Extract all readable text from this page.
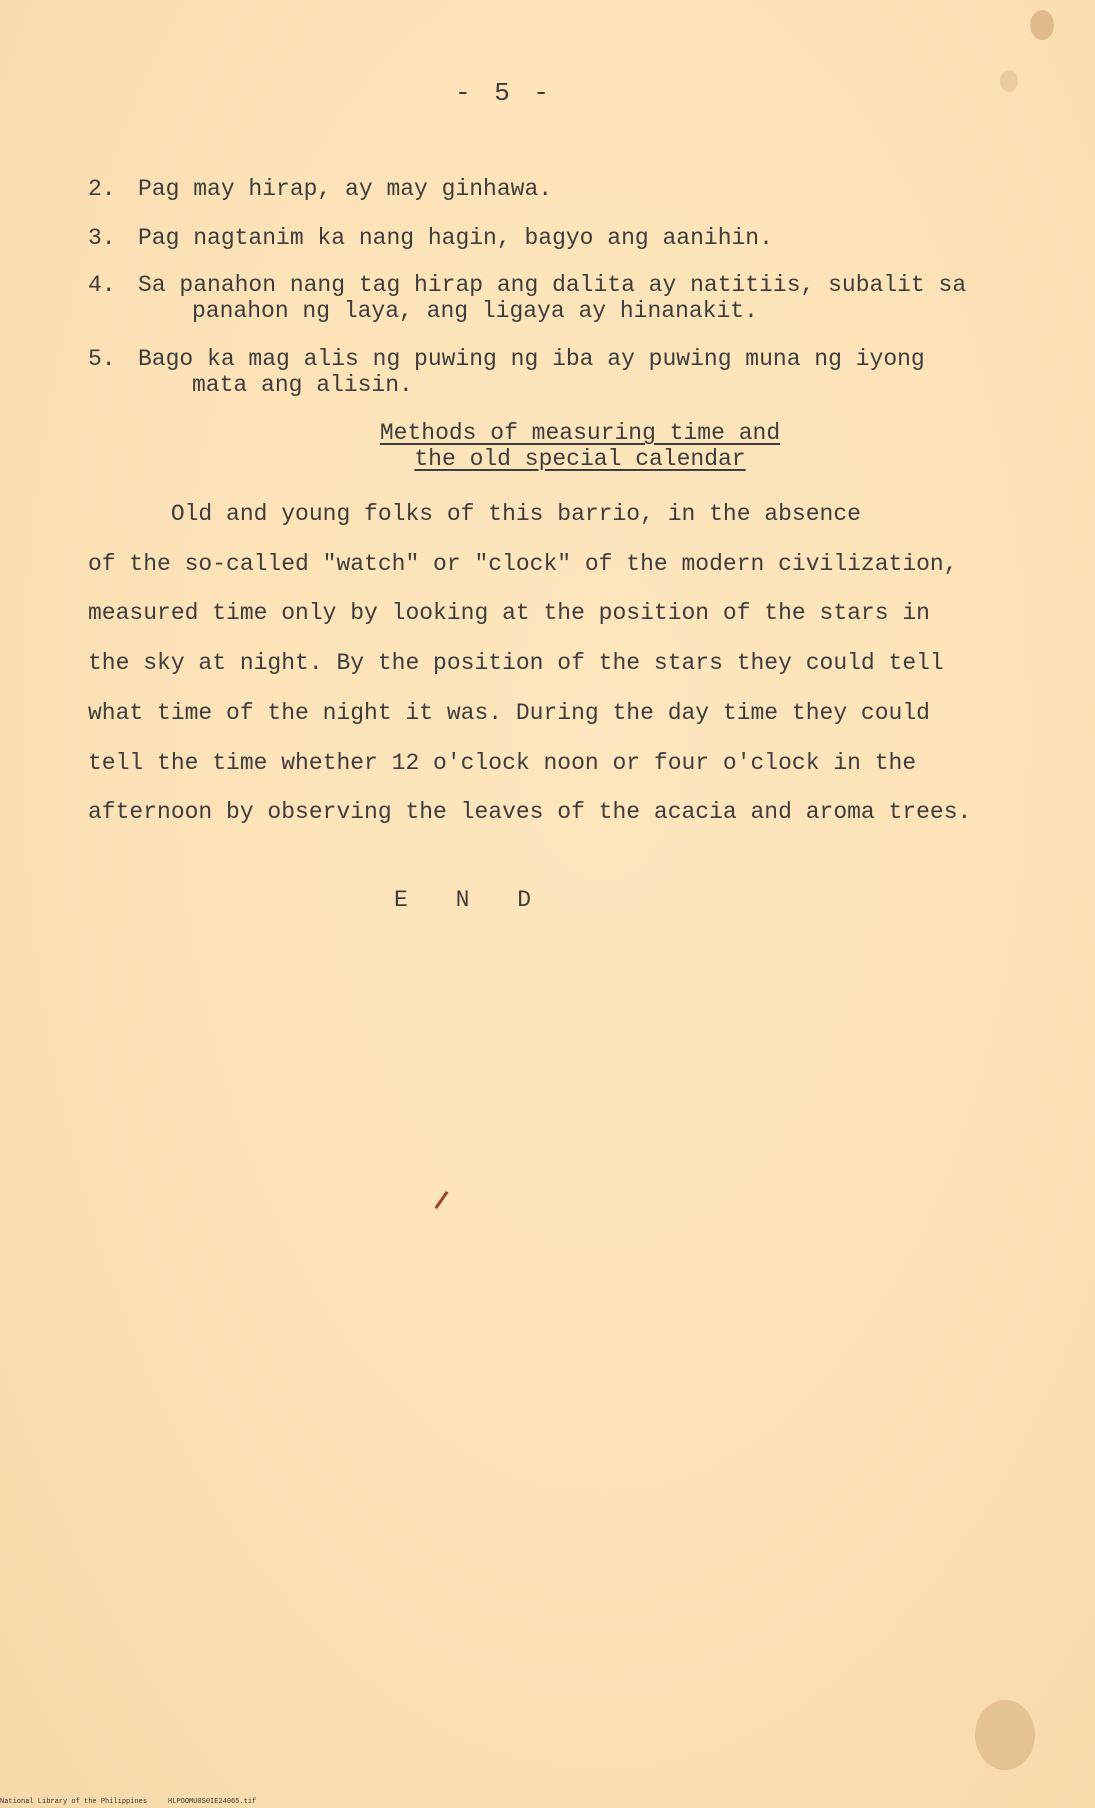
- 5 -
2. Pag may hirap, ay may ginhawa.
3. Pag nagtanim ka nang hagin, bagyo ang aanihin.
4. Sa panahon nang tag hirap ang dalita ay natitiis, subalit sa
panahon ng laya, ang ligaya ay hinanakit.
5. Bago ka mag alis ng puwing ng iba ay puwing muna ng iyong
mata ang alisin.
Methods of measuring time and
the old special calendar
Old and young folks of this barrio, in the absence
of the so-called "watch" or "clock" of the modern civilization,
measured time only by looking at the position of the stars in
the sky at night. By the position of the stars they could tell
what time of the night it was. During the day time they could
tell the time whether 12 o'clock noon or four o'clock in the
afternoon by observing the leaves of the acacia and aroma trees.
E N D
National Library of the Philippines     HLPOOMU0S0IE24065.tif
